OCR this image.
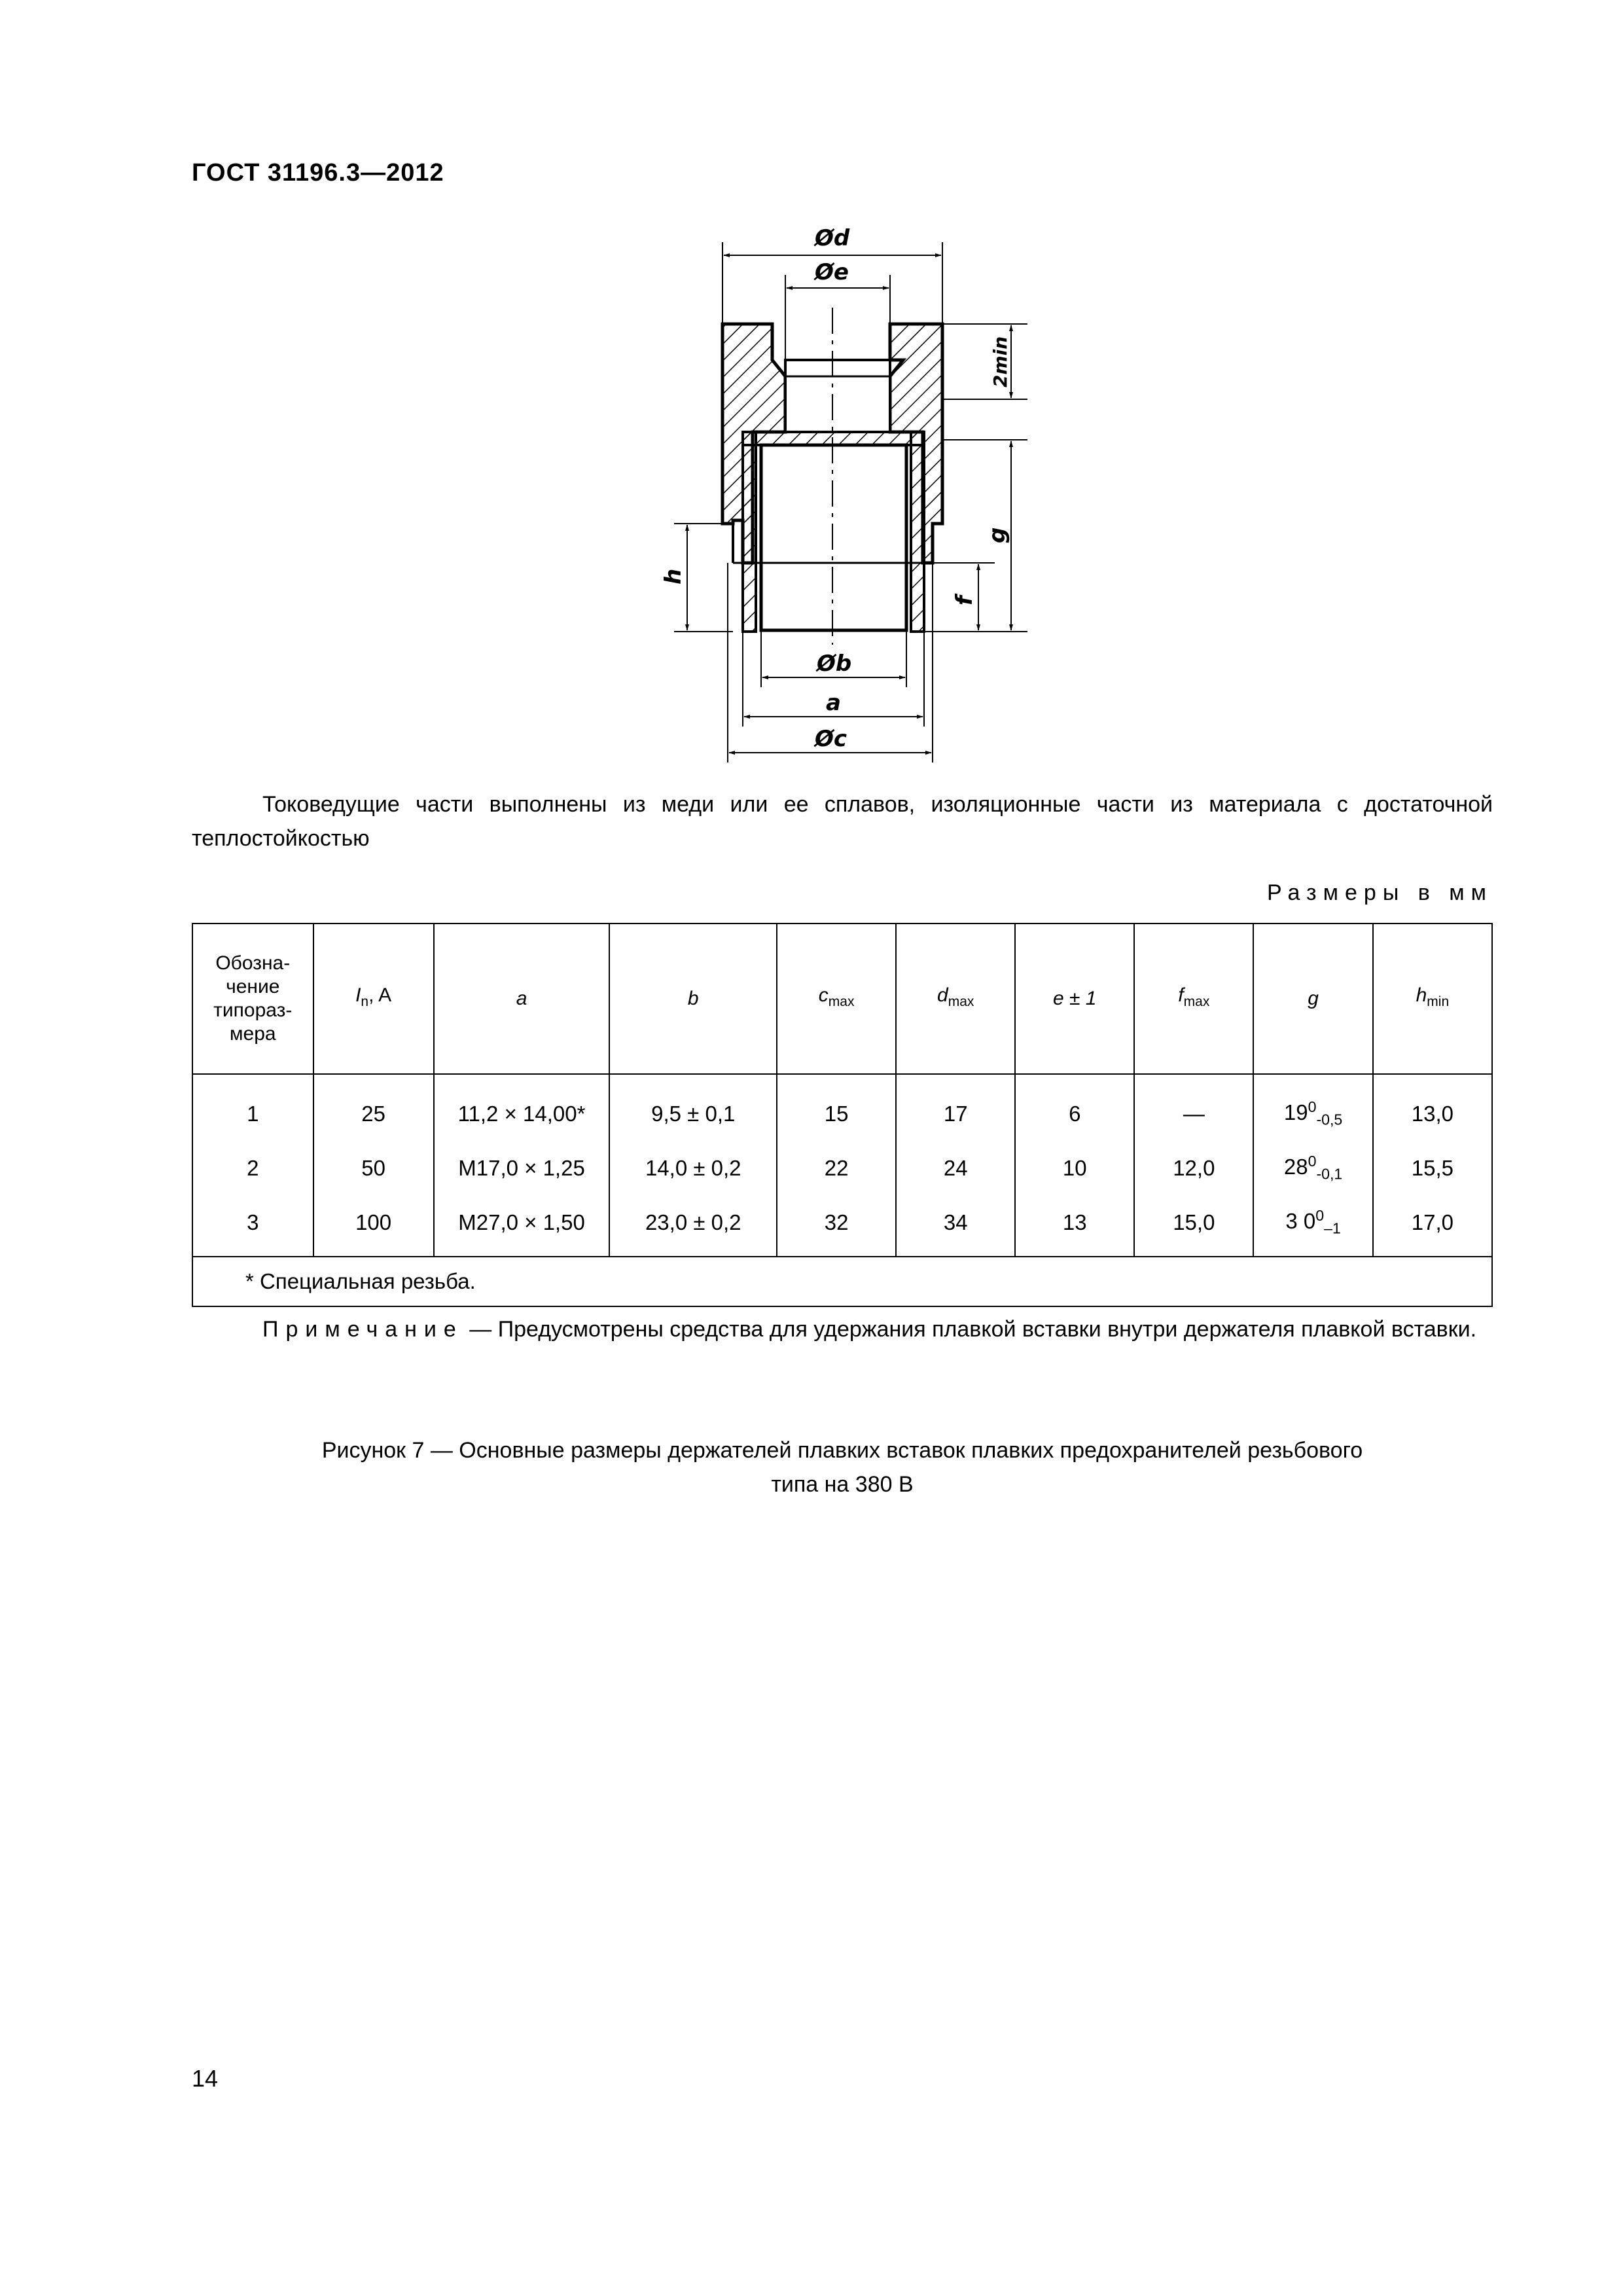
ГОСТ 31196.3—2012
Ød
Øe
2min
g
h
f
Øb
a
Øc
Токоведущие части выполнены из меди или ее сплавов, изоляционные части из материала с достаточной теплостойкостью
Размеры в мм
Обозна-чение типораз-мера	$I_n$, A	a	b	$c_{max}$	$d_{max}$	e ± 1	$f_{max}$	g	$h_{min}$
1	25	11,2 × 14,00*	9,5 ± 0,1	15	17	6	—	$19^0_{-0,5}$	13,0
2	50	M17,0 × 1,25	14,0 ± 0,2	22	24	10	12,0	$28^0_{-0,1}$	15,5
3	100	M27,0 × 1,50	23,0 ± 0,2	32	34	13	15,0	3 $0^0_{-1}$	17,0
* Специальная резьба.									
Примечание — Предусмотрены средства для удержания плавкой вставки внутри держателя плавкой вставки.
Рисунок 7 — Основные размеры держателей плавких вставок плавких предохранителей резьбового
типа на 380 В
14
